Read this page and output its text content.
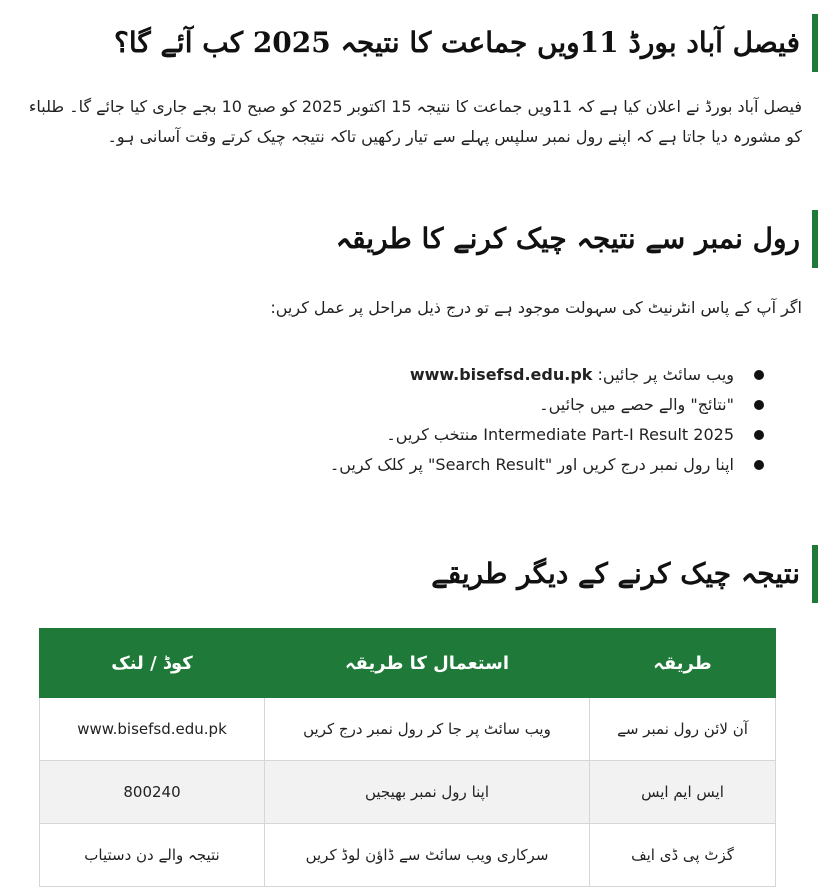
فیصل آباد بورڈ 11ویں جماعت کا نتیجہ 2025 کب آئے گا؟
فیصل آباد بورڈ نے اعلان کیا ہے کہ 11ویں جماعت کا نتیجہ 15 اکتوبر 2025 کو صبح 10 بجے جاری کیا جائے گا۔ طلباء کو مشورہ دیا جاتا ہے کہ اپنے رول نمبر سلپس پہلے سے تیار رکھیں تاکہ نتیجہ چیک کرتے وقت آسانی ہو۔
رول نمبر سے نتیجہ چیک کرنے کا طریقہ
اگر آپ کے پاس انٹرنیٹ کی سہولت موجود ہے تو درج ذیل مراحل پر عمل کریں:
ویب سائٹ پر جائیں: www.bisefsd.edu.pk
"نتائج" والے حصے میں جائیں۔
Intermediate Part-I Result 2025 منتخب کریں۔
اپنا رول نمبر درج کریں اور "Search Result" پر کلک کریں۔
نتیجہ چیک کرنے کے دیگر طریقے
طریقہ	استعمال کا طریقہ	کوڈ / لنک
آن لائن رول نمبر سے	ویب سائٹ پر جا کر رول نمبر درج کریں	www.bisefsd.edu.pk
ایس ایم ایس	اپنا رول نمبر بھیجیں	800240
گزٹ پی ڈی ایف	سرکاری ویب سائٹ سے ڈاؤن لوڈ کریں	نتیجہ والے دن دستیاب
